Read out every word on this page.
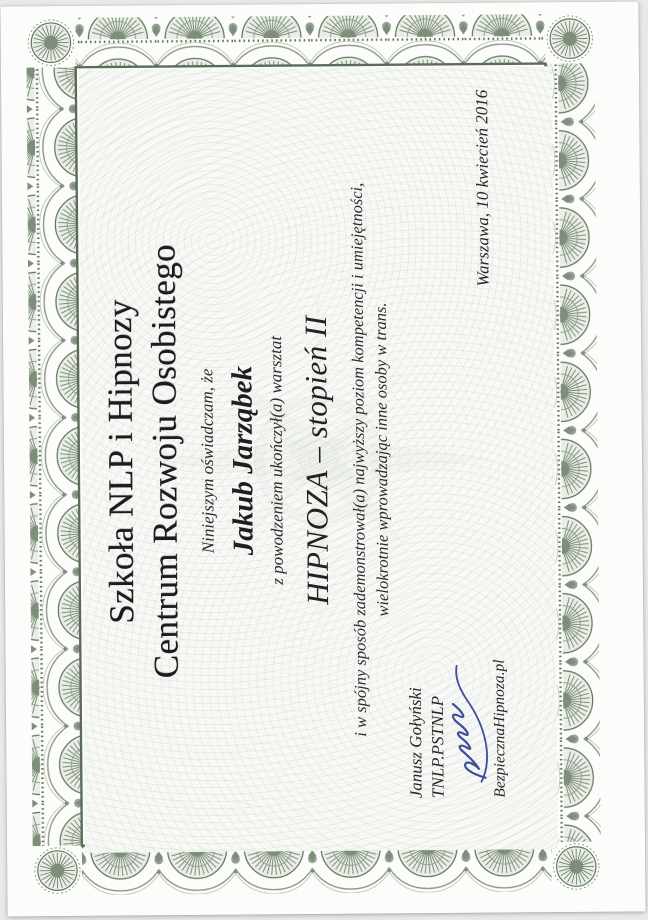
Szkoła NLP i Hipnozy Centrum Rozwoju Osobistego Niniejszym oświadczam, że Jakub Jarząbek z powodzeniem ukończył(a) warsztat HIPNOZA – stopień II i w spójny sposób zademonstrował(a) najwyższy poziom kompetencji i umiejętności, wielokrotnie wprowadzając inne osoby w trans.
Janusz Gołyński TNLP.PSTNLP	BezpiecznaHipnoza.pl
Warszawa, 10 kwiecień 2016
